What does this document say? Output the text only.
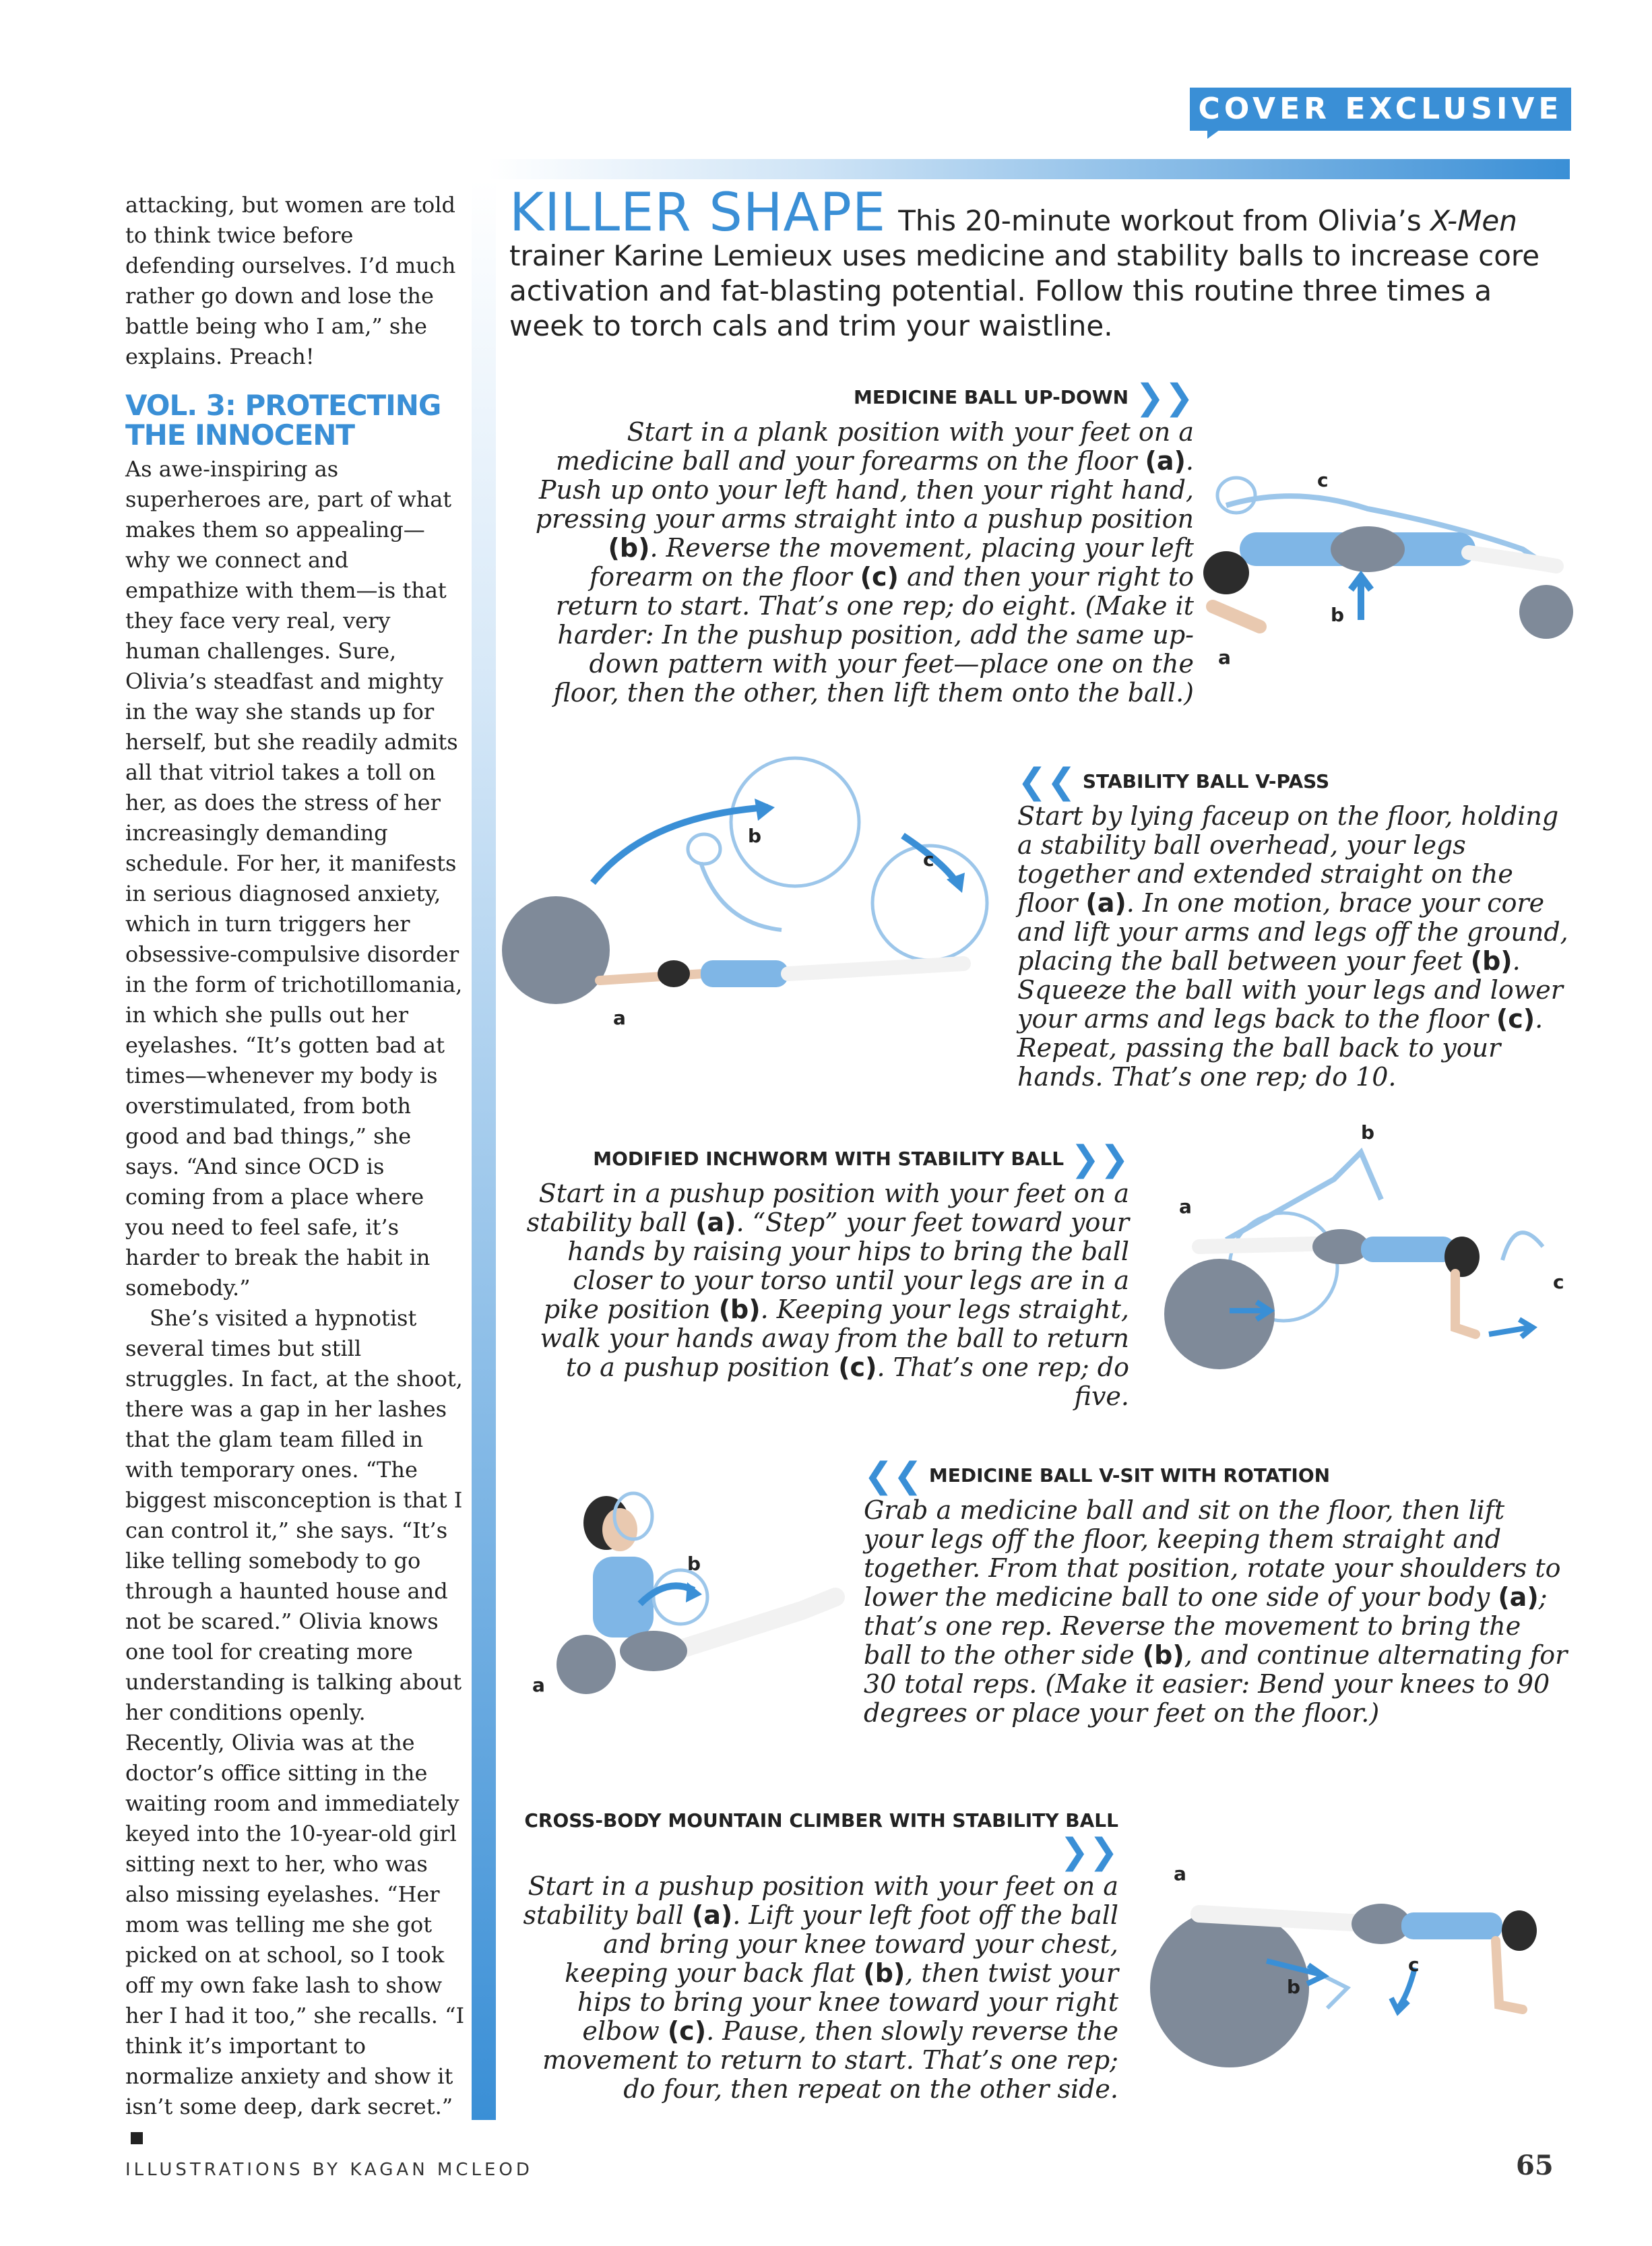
COVER EXCLUSIVE

attacking, but women are told to think twice before defending ourselves. I’d much rather go down and lose the battle being who I am,” she explains. Preach!

VOL. 3: PROTECTING THE INNOCENT

As awe-inspiring as superheroes are, part of what makes them so appealing—why we connect and empathize with them—is that they face very real, very human challenges. Sure, Olivia’s steadfast and mighty in the way she stands up for herself, but she readily admits all that vitriol takes a toll on her, as does the stress of her increasingly demanding schedule. For her, it manifests in serious diagnosed anxiety, which in turn triggers her obsessive-compulsive disorder in the form of trichotillomania, in which she pulls out her eyelashes. “It’s gotten bad at times—whenever my body is overstimulated, from both good and bad things,” she says. “And since OCD is coming from a place where you need to feel safe, it’s harder to break the habit in somebody.”

She’s visited a hypnotist several times but still struggles. In fact, at the shoot, there was a gap in her lashes that the glam team filled in with temporary ones. “The biggest misconception is that I can control it,” she says. “It’s like telling somebody to go through a haunted house and not be scared.” Olivia knows one tool for creating more understanding is talking about her conditions openly. Recently, Olivia was at the doctor’s office sitting in the waiting room and immediately keyed into the 10-year-old girl sitting next to her, who was also missing eyelashes. “Her mom was telling me she got picked on at school, so I took off my own fake lash to show her I had it too,” she recalls. “I think it’s important to normalize anxiety and show it isn’t some deep, dark secret.”

KILLER SHAPE This 20-minute workout from Olivia’s X-Men trainer Karine Lemieux uses medicine and stability balls to increase core activation and fat-blasting potential. Follow this routine three times a week to torch cals and trim your waistline.
MEDICINE BALL UP-DOWN ❯❯
Start in a plank position with your feet on a medicine ball and your forearms on the floor (a). Push up onto your left hand, then your right hand, pressing your arms straight into a pushup position (b). Reverse the movement, placing your left forearm on the floor (c) and then your right to return to start. That’s one rep; do eight. (Make it harder: In the pushup position, add the same up-down pattern with your feet—place one on the floor, then the other, then lift them onto the ball.)
❮❮ STABILITY BALL V-PASS
Start by lying faceup on the floor, holding a stability ball overhead, your legs together and extended straight on the floor (a). In one motion, brace your core and lift your arms and legs off the ground, placing the ball between your feet (b). Squeeze the ball with your legs and lower your arms and legs back to the floor (c). Repeat, passing the ball back to your hands. That’s one rep; do 10.
MODIFIED INCHWORM WITH STABILITY BALL ❯❯
Start in a pushup position with your feet on a stability ball (a). “Step” your feet toward your hands by raising your hips to bring the ball closer to your torso until your legs are in a pike position (b). Keeping your legs straight, walk your hands away from the ball to return to a pushup position (c). That’s one rep; do five.
❮❮ MEDICINE BALL V-SIT WITH ROTATION
Grab a medicine ball and sit on the floor, then lift your legs off the floor, keeping them straight and together. From that position, rotate your shoulders to lower the medicine ball to one side of your body (a); that’s one rep. Reverse the movement to bring the ball to the other side (b), and continue alternating for 30 total reps. (Make it easier: Bend your knees to 90 degrees or place your feet on the floor.)
CROSS-BODY MOUNTAIN CLIMBER WITH STABILITY BALL ❯❯
Start in a pushup position with your feet on a stability ball (a). Lift your left foot off the ball and bring your knee toward your chest, keeping your back flat (b), then twist your hips to bring your knee toward your right elbow (c). Pause, then slowly reverse the movement to return to start. That’s one rep; do four, then repeat on the other side.
c
b
a
b
c
a
b
a
c
b
a
a
b
c
ILLUSTRATIONS BY KAGAN MCLEOD	65
